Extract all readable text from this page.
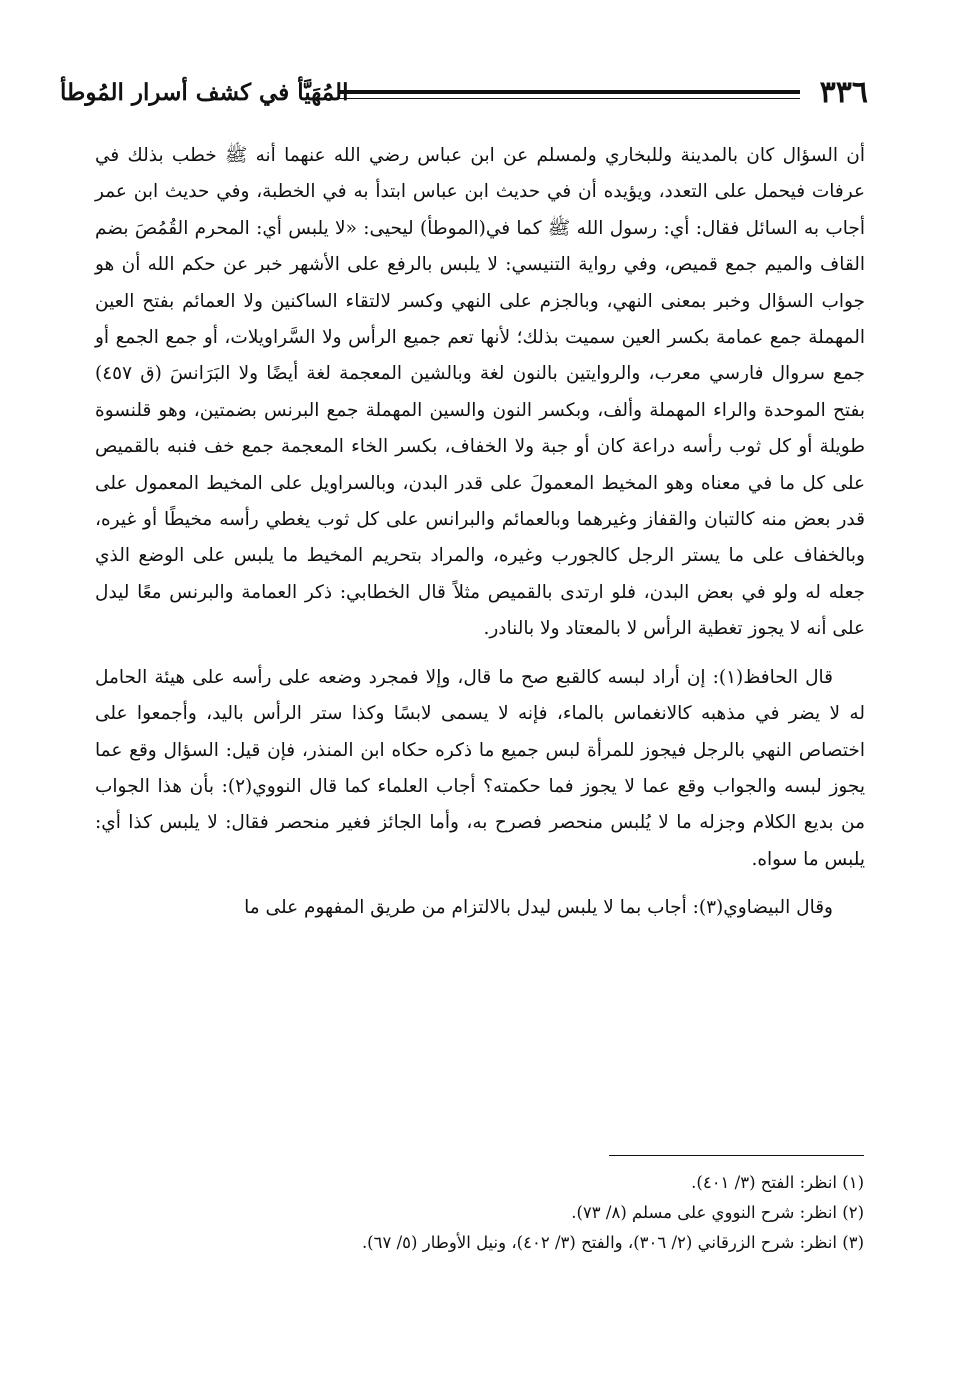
٣٣٦
المُهَيَّأ في كشف أسرار المُوطأ

أن السؤال كان بالمدينة وللبخاري ولمسلم عن ابن عباس رضي الله عنهما أنه ﷺ خطب بذلك في عرفات فيحمل على التعدد، ويؤيده أن في حديث ابن عباس ابتدأ به في الخطبة، وفي حديث ابن عمر أجاب به السائل فقال: أي: رسول الله ﷺ كما في(الموطأ) ليحيى: «لا يلبس أي: المحرم القُمُصَ بضم القاف والميم جمع قميص، وفي رواية التنيسي: لا يلبس بالرفع على الأشهر خبر عن حكم الله أن هو جواب السؤال وخبر بمعنى النهي، وبالجزم على النهي وكسر لالتقاء الساكنين ولا العمائم بفتح العين المهملة جمع عمامة بكسر العين سميت بذلك؛ لأنها تعم جميع الرأس ولا السَّراويلات، أو جمع الجمع أو جمع سروال فارسي معرب، والروايتين بالنون لغة وبالشين المعجمة لغة أيضًا ولا البَرَانسَ (ق ٤٥٧) بفتح الموحدة والراء المهملة وألف، وبكسر النون والسين المهملة جمع البرنس بضمتين، وهو قلنسوة طويلة أو كل ثوب رأسه دراعة كان أو جبة ولا الخفاف، بكسر الخاء المعجمة جمع خف فنبه بالقميص على كل ما في معناه وهو المخيط المعمولَ على قدر البدن، وبالسراويل على المخيط المعمول على قدر بعض منه كالتبان والقفاز وغيرهما وبالعمائم والبرانس على كل ثوب يغطي رأسه مخيطًا أو غيره، وبالخفاف على ما يستر الرجل كالجورب وغيره، والمراد بتحريم المخيط ما يلبس على الوضع الذي جعله له ولو في بعض البدن، فلو ارتدى بالقميص مثلاً قال الخطابي: ذكر العمامة والبرنس معًا ليدل على أنه لا يجوز تغطية الرأس لا بالمعتاد ولا بالنادر.

قال الحافظ(١): إن أراد لبسه كالقبع صح ما قال، وإلا فمجرد وضعه على رأسه على هيئة الحامل له لا يضر في مذهبه كالانغماس بالماء، فإنه لا يسمى لابسًا وكذا ستر الرأس باليد، وأجمعوا على اختصاص النهي بالرجل فيجوز للمرأة لبس جميع ما ذكره حكاه ابن المنذر، فإن قيل: السؤال وقع عما يجوز لبسه والجواب وقع عما لا يجوز فما حكمته؟ أجاب العلماء كما قال النووي(٢): بأن هذا الجواب من بديع الكلام وجزله ما لا يُلبس منحصر فصرح به، وأما الجائز فغير منحصر فقال: لا يلبس كذا أي: يلبس ما سواه.

وقال البيضاوي(٣): أجاب بما لا يلبس ليدل بالالتزام من طريق المفهوم على ما

(١) انظر: الفتح (٣/ ٤٠١).

(٢) انظر: شرح النووي على مسلم (٨/ ٧٣).

(٣) انظر: شرح الزرقاني (٢/ ٣٠٦)، والفتح (٣/ ٤٠٢)، ونيل الأوطار (٥/ ٦٧).
